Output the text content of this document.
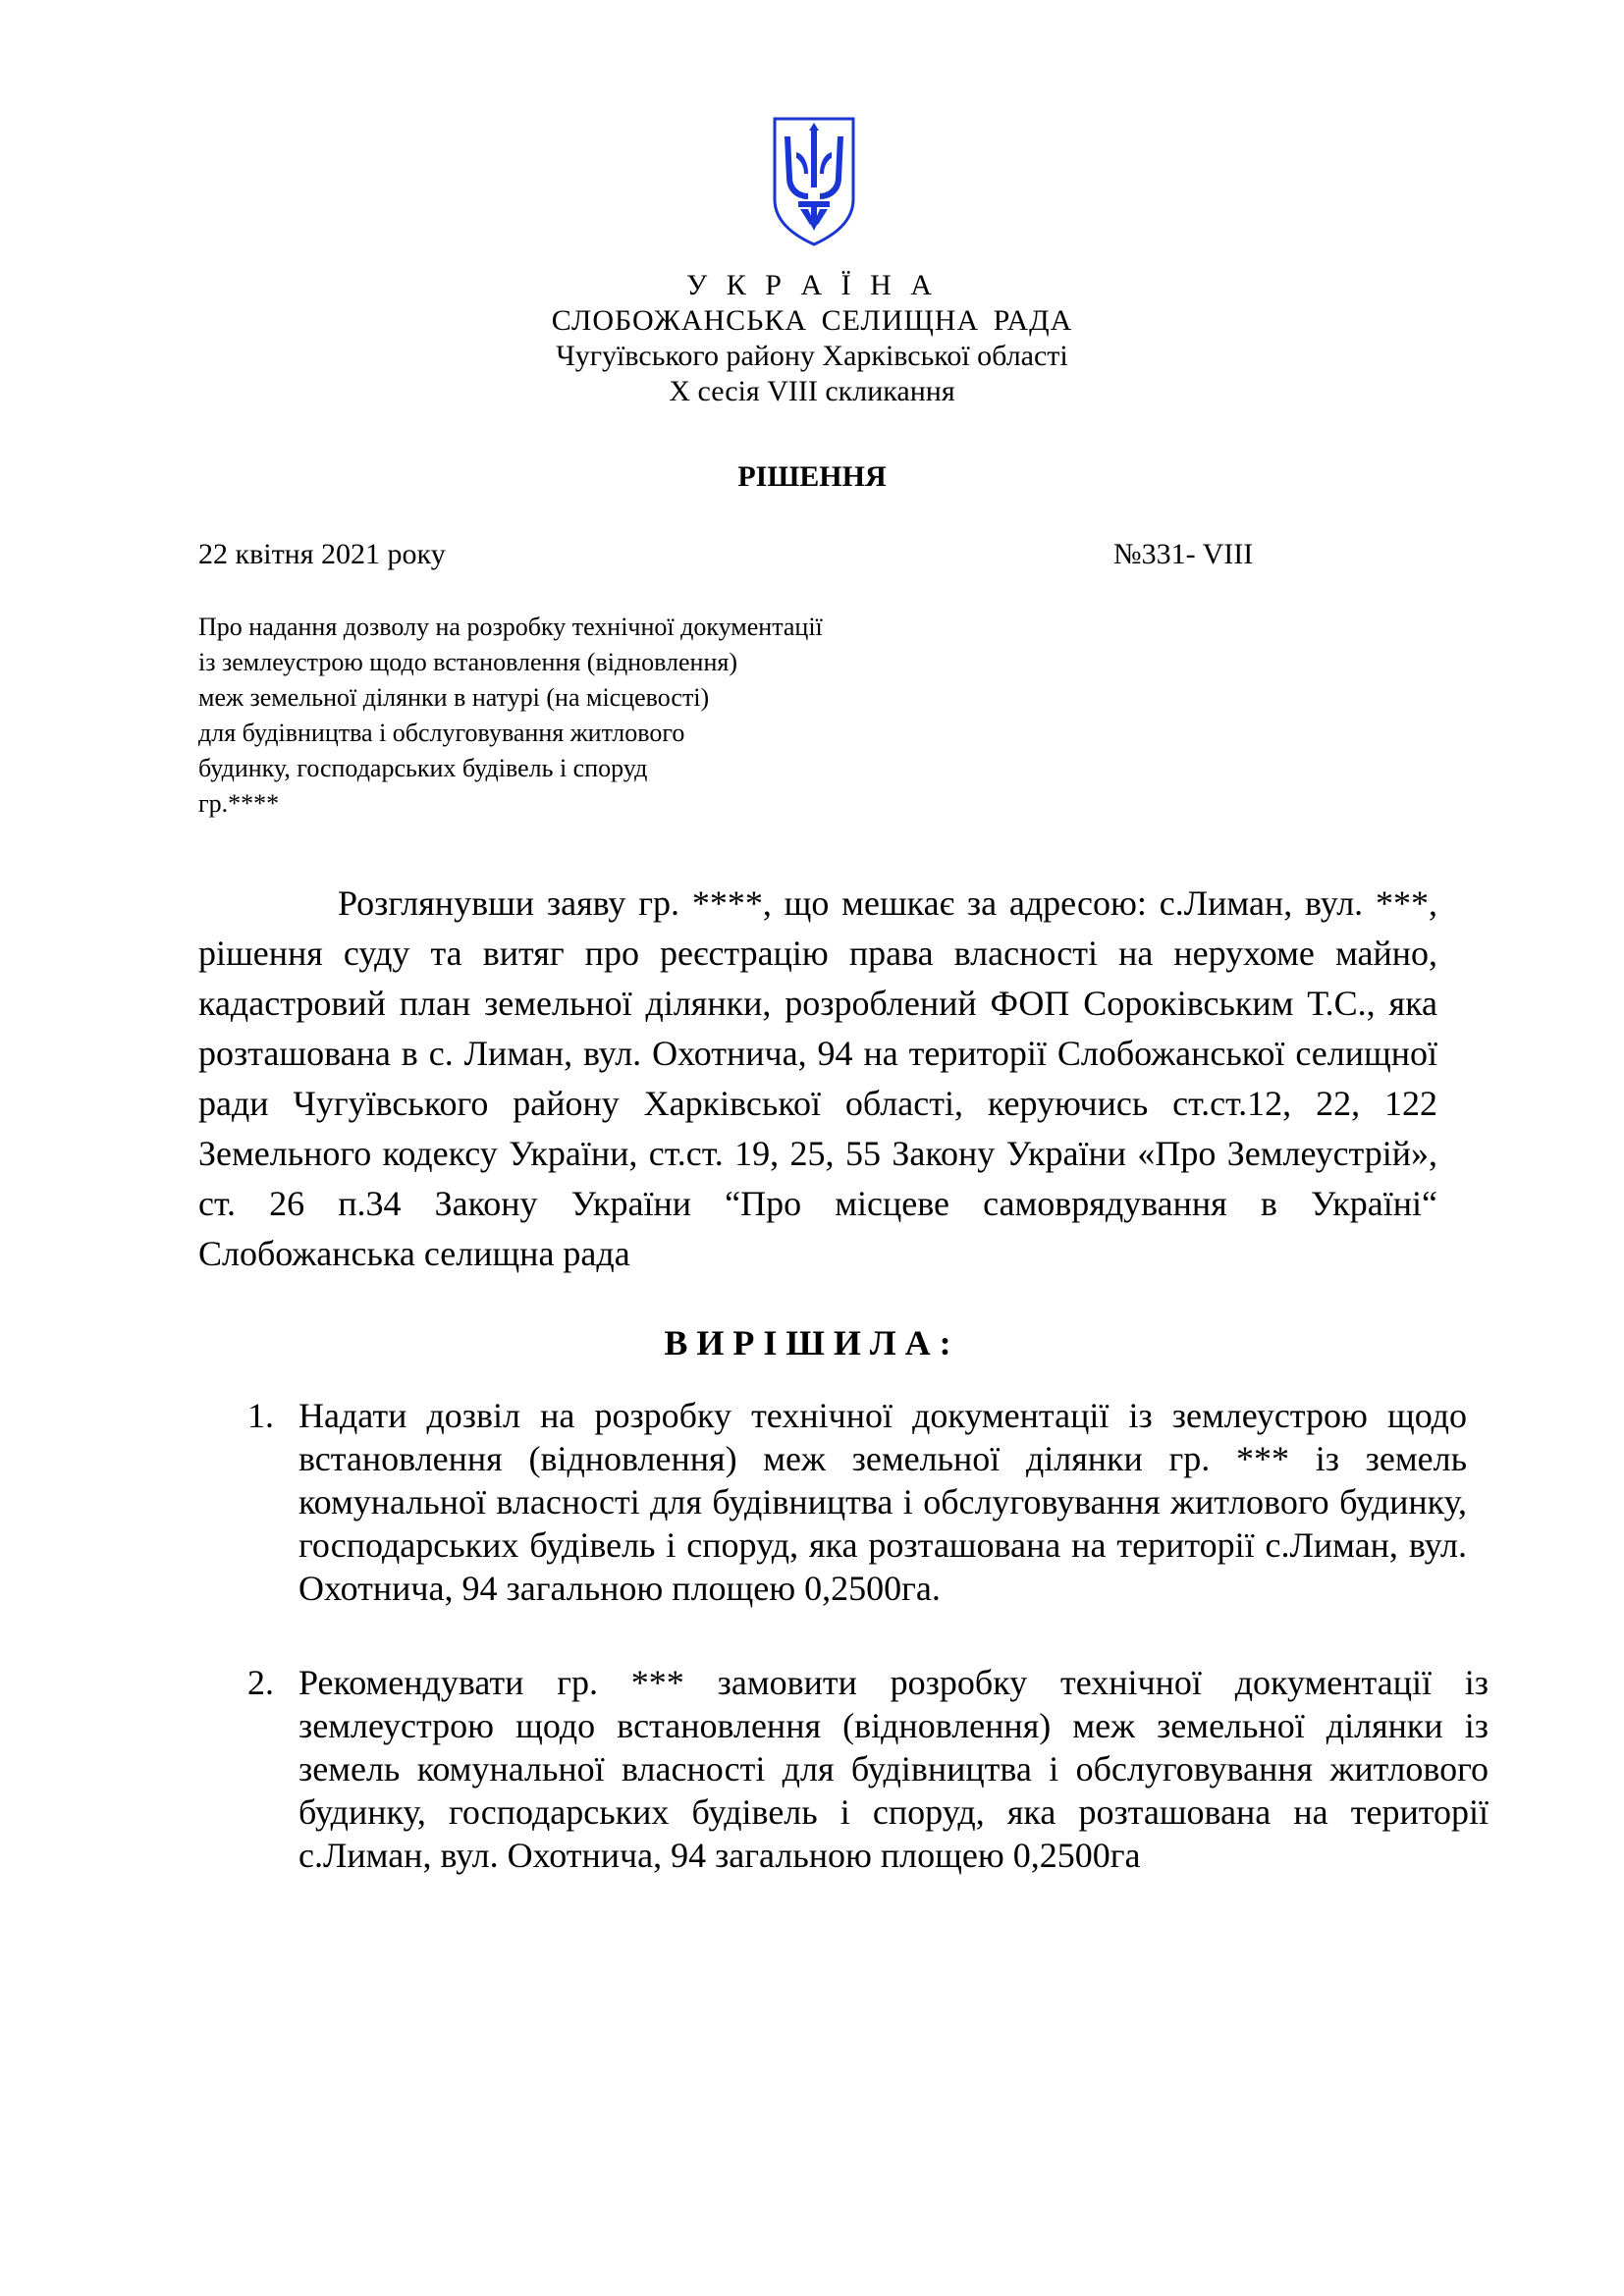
У К Р А Ї Н А
СЛОБОЖАНСЬКА СЕЛИЩНА РАДА
Чугуївського району Харківської області
Х сесія VIII скликання
РІШЕННЯ
22 квітня 2021 року	№331- VIII
Про надання дозволу на розробку технічної документації
із землеустрою щодо встановлення (відновлення)
меж земельної ділянки в натурі (на місцевості)
для будівництва і обслуговування житлового
будинку, господарських будівель і споруд
гр.****

Розглянувши заяву гр. ****, що мешкає за адресою: с.Лиман, вул. ***, рішення суду та витяг про реєстрацію права власності на нерухоме майно, кадастровий план земельної ділянки, розроблений ФОП Сороківським Т.С., яка розташована в с. Лиман, вул. Охотнича, 94 на території Слобожанської селищної ради Чугуївського району Харківської області, керуючись ст.ст.12, 22, 122 Земельного кодексу України, ст.ст. 19, 25, 55 Закону України «Про Землеустрій», ст. 26 п.34 Закону України “Про місцеве самоврядування в Україні“ Слобожанська селищна рада

ВИРІШИЛА:
1. Надати дозвіл на розробку технічної документації із землеустрою щодо встановлення (відновлення) меж земельної ділянки гр. *** із земель комунальної власності для будівництва і обслуговування житлового будинку, господарських будівель і споруд, яка розташована на території с.Лиман, вул. Охотнича, 94 загальною площею 0,2500га.
2. Рекомендувати гр. *** замовити розробку технічної документації із землеустрою щодо встановлення (відновлення) меж земельної ділянки із земель комунальної власності для будівництва і обслуговування житлового будинку, господарських будівель і споруд, яка розташована на території с.Лиман, вул. Охотнича, 94 загальною площею 0,2500га
